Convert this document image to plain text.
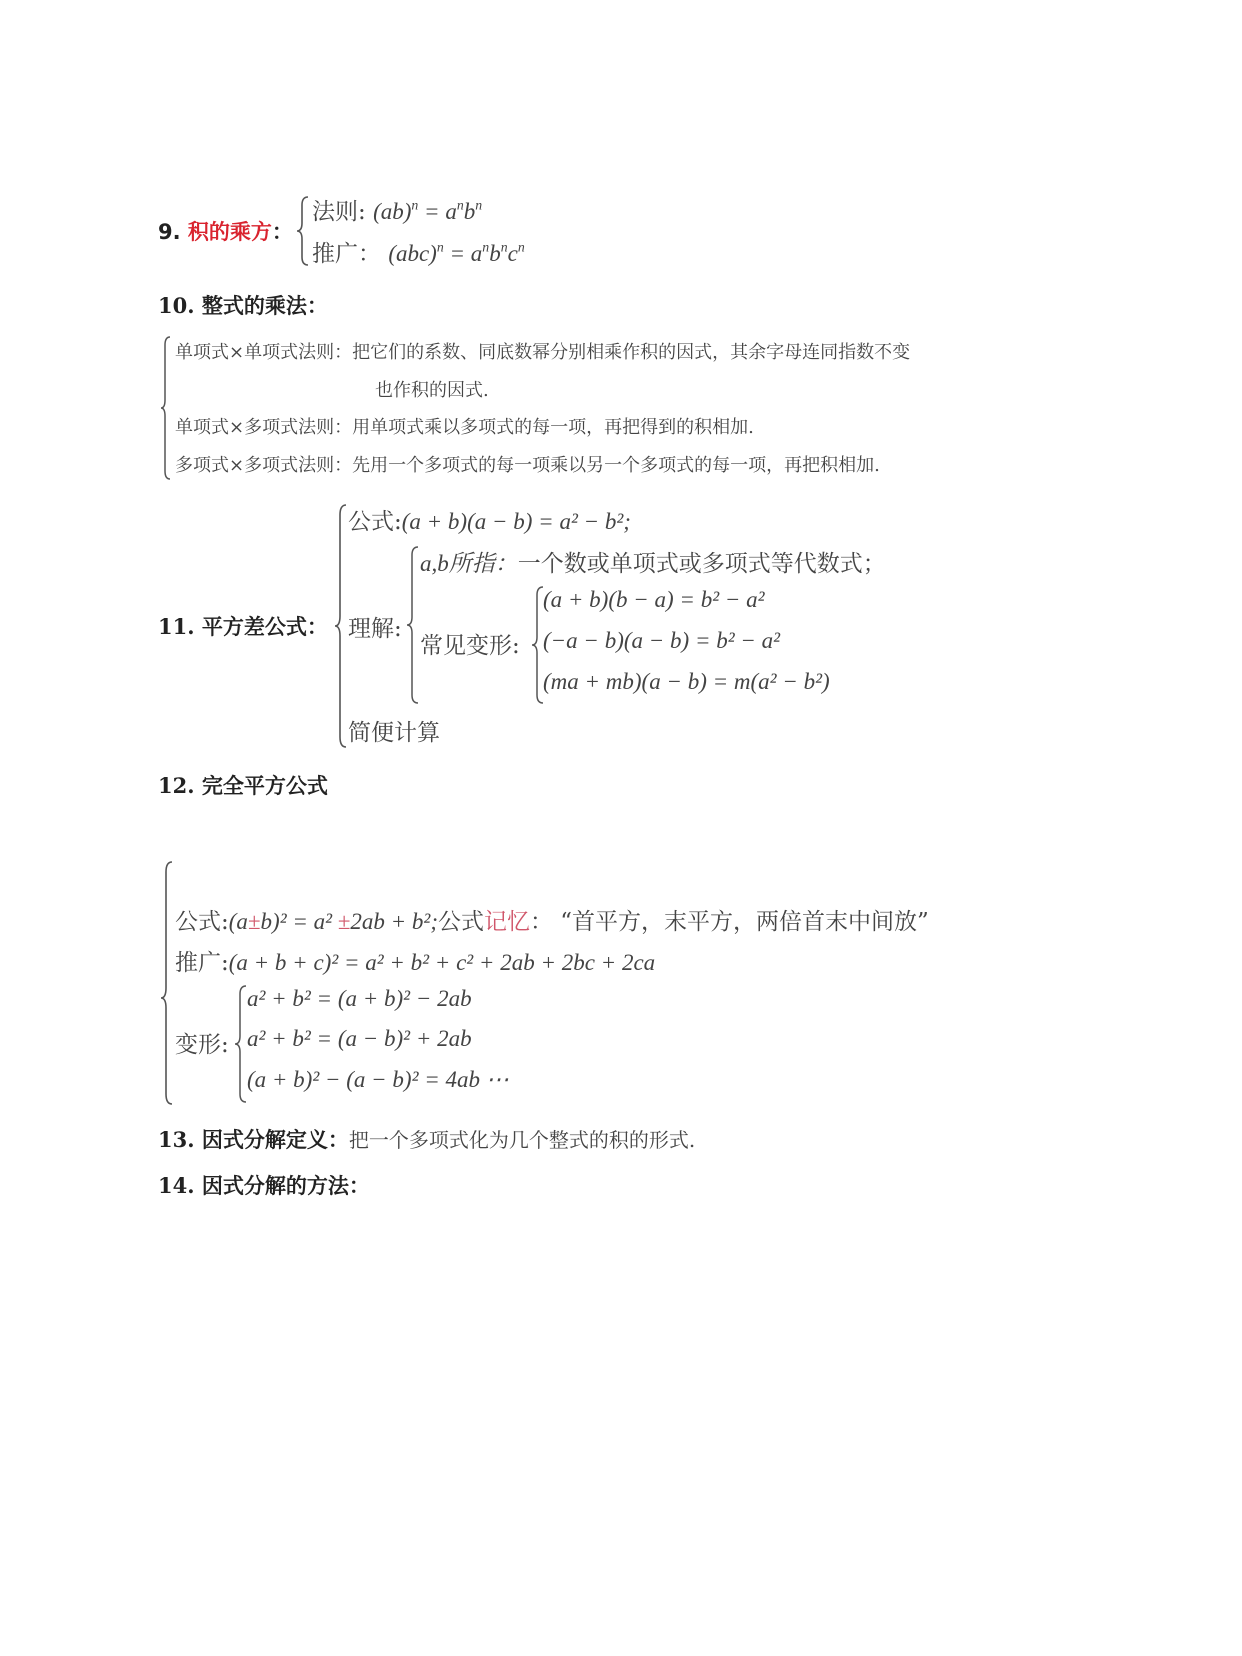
9. 积的乘方：
法则: $(ab)^n = a^nb^n$
推广： $(abc)^n = a^nb^nc^n$
10. 整式的乘法：
单项式×单项式法则：把它们的系数、同底数幂分别相乘作积的因式，其余字母连同指数不变
也作积的因式.
单项式×多项式法则：用单项式乘以多项式的每一项，再把得到的积相加.
多项式×多项式法则：先用一个多项式的每一项乘以另一个多项式的每一项，再把积相加.
11. 平方差公式：
公式:(a + b)(a − b) = a² − b²;
理解:
a,b所指：一个数或单项式或多项式等代数式；
常见变形:
(a + b)(b − a) = b² − a²
(−a − b)(a − b) = b² − a²
(ma + mb)(a − b) = m(a² − b²)
简便计算
12. 完全平方公式
公式:(a±b)² = a² ±2ab + b²;公式记忆： “首平方，末平方，两倍首末中间放”
推广:(a + b + c)² = a² + b² + c² + 2ab + 2bc + 2ca
变形:
a² + b² = (a + b)² − 2ab
a² + b² = (a − b)² + 2ab
(a + b)² − (a − b)² = 4ab ⋯
13. 因式分解定义：把一个多项式化为几个整式的积的形式.
14. 因式分解的方法：
